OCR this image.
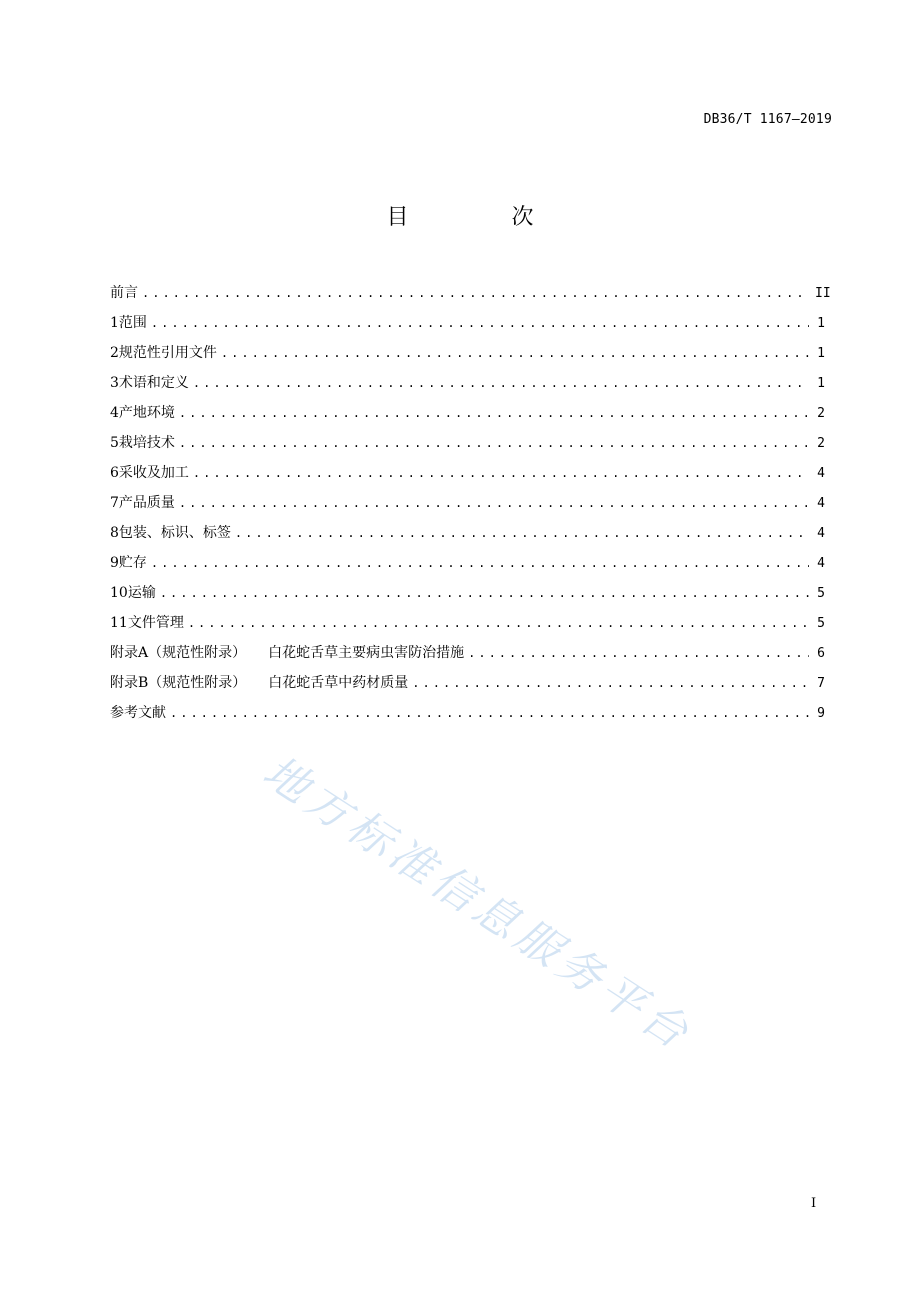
DB36/T 1167—2019
目 次
前言 .....	II
1 范围 .....	1
2 规范性引用文件 .....	1
3 术语和定义 .....	1
4 产地环境 .....	2
5 栽培技术 .....	2
6 采收及加工 .....	4
7 产品质量 .....	4
8 包装、标识、标签 .....	4
9 贮存 .....	4
10 运输 .....	5
11 文件管理 .....	5
附录A（规范性附录） 白花蛇舌草主要病虫害防治措施 .....	6
附录B（规范性附录） 白花蛇舌草中药材质量 .....	7
参考文献 .....	9
地方标准信息服务平台
I
